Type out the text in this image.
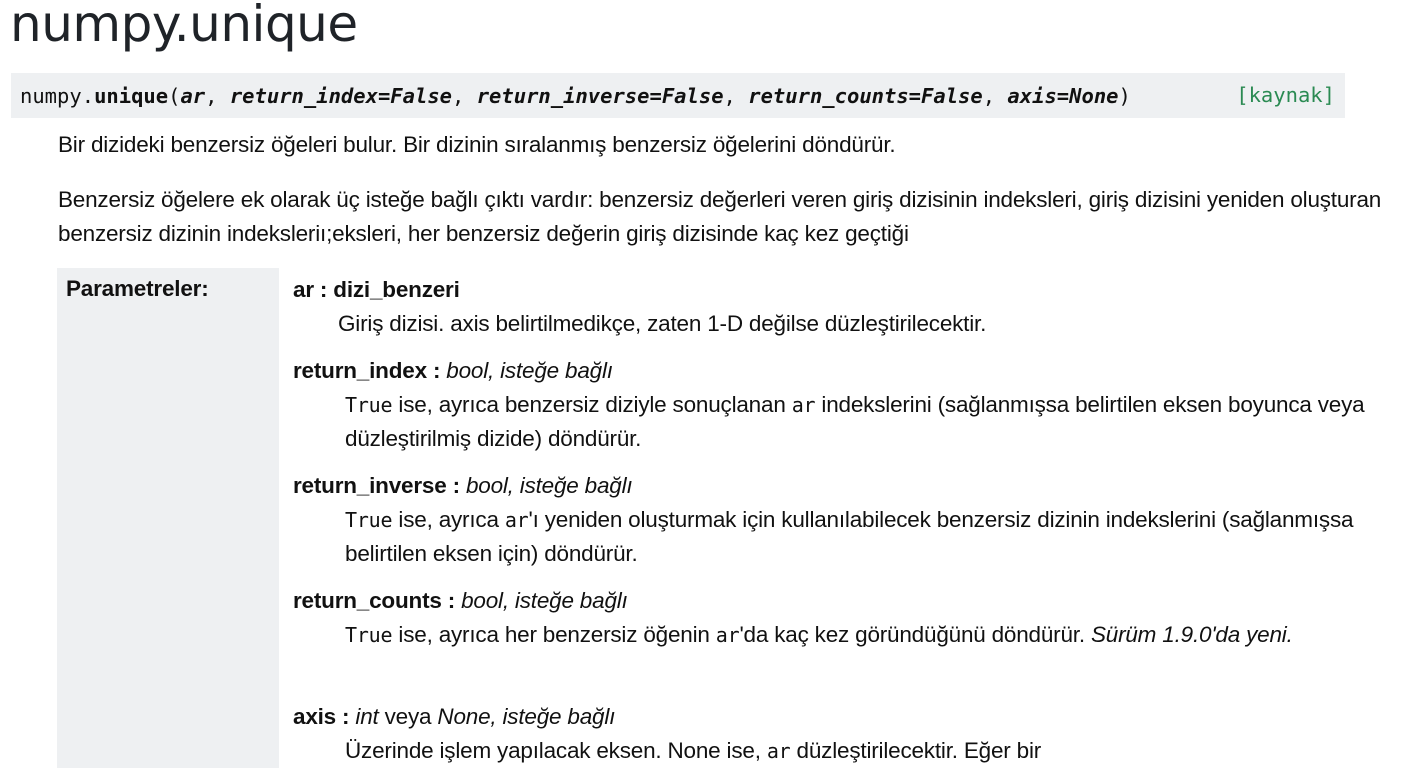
numpy.unique
numpy. unique ( ar , return_index=False , return_inverse=False , return_counts=False , axis=None )	[kaynak]

Bir dizideki benzersiz öğeleri bulur. Bir dizinin sıralanmış benzersiz öğelerini döndürür.

Benzersiz öğelere ek olarak üç isteğe bağlı çıktı vardır: benzersiz değerleri veren giriş dizisinin indeksleri, giriş dizisini yeniden oluşturan benzersiz dizinin indeksleriı;eksleri, her benzersiz değerin giriş dizisinde kaç kez geçtiği

Parametreler:	ar : dizi_benzeri
Giriş dizisi. axis belirtilmedikçe, zaten 1-D değilse düzleştirilecektir.
return_index : bool, isteğe bağlı
True ise, ayrıca benzersiz diziyle sonuçlanan ar indekslerini (sağlanmışsa belirtilen eksen boyunca veya düzleştirilmiş dizide) döndürür.
return_inverse : bool, isteğe bağlı
True ise, ayrıca ar'ı yeniden oluşturmak için kullanılabilecek benzersiz dizinin indekslerini (sağlanmışsa belirtilen eksen için) döndürür.
return_counts : bool, isteğe bağlı
True ise, ayrıca her benzersiz öğenin ar'da kaç kez göründüğünü döndürür. Sürüm 1.9.0'da yeni.
axis : int veya None, isteğe bağlı
Üzerinde işlem yapılacak eksen. None ise, ar düzleştirilecektir. Eğer bir
